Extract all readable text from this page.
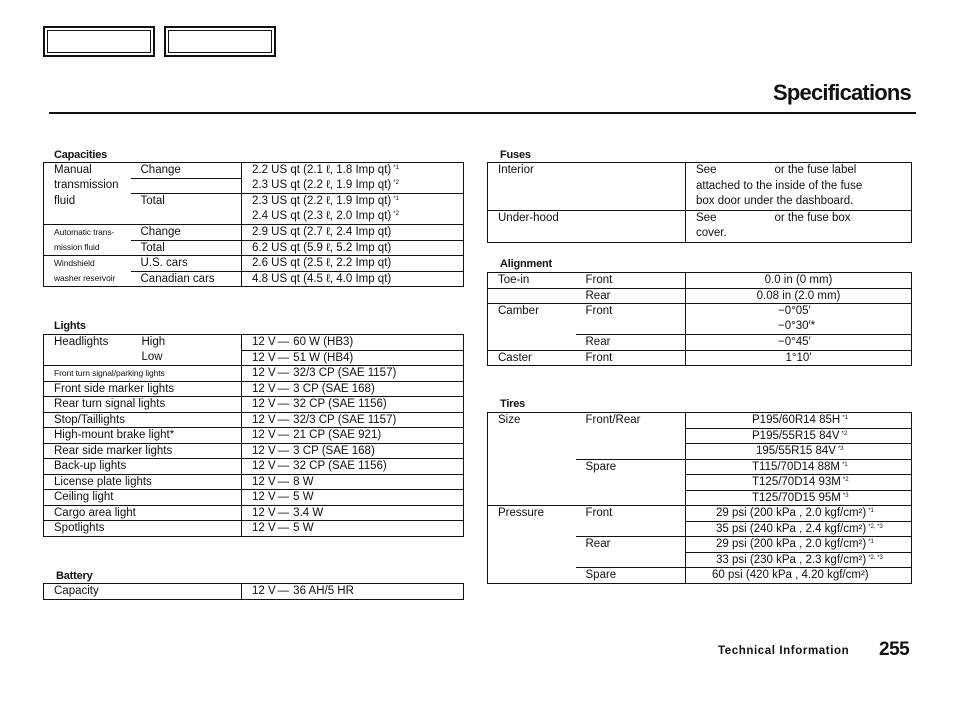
Specifications
Capacities
Manual	Change	2.2 US qt (2.1 ℓ, 1.8 Imp qt) $^{*1}$
transmission		2.3 US qt (2.2 ℓ, 1.9 Imp qt) $^{*2}$
fluid	Total	2.3 US qt (2.2 ℓ, 1.9 Imp qt) $^{*1}$
		2.4 US qt (2.3 ℓ, 2.0 Imp qt) $^{*2}$
Automatic trans-	Change	2.9 US qt (2.7 ℓ, 2.4 Imp qt)
mission fluid	Total	6.2 US qt (5.9 ℓ, 5.2 Imp qt)
Windshield	U.S. cars	2.6 US qt (2.5 ℓ, 2.2 Imp qt)
washer reservoir	Canadian cars	4.8 US qt (4.5 ℓ, 4.0 Imp qt)
Lights
Headlights	High	12 V — 60 W (HB3)
	Low	12 V — 51 W (HB4)
Front turn signal/parking lights		12 V — 32/3 CP (SAE 1157)
Front side marker lights		12 V — 3 CP (SAE 168)
Rear turn signal lights		12 V — 32 CP (SAE 1156)
Stop/Taillights		12 V — 32/3 CP (SAE 1157)
High-mount brake light*		12 V — 21 CP (SAE 921)
Rear side marker lights		12 V — 3 CP (SAE 168)
Back-up lights		12 V — 32 CP (SAE 1156)
License plate lights		12 V — 8 W
Ceiling light		12 V — 5 W
Cargo area light		12 V — 3.4 W
Spotlights		12 V — 5 W
Battery
Capacity	12 V — 36 AH/5 HR
Fuses
Interior	See or the fuse label
attached to the inside of the fuse
box door under the dashboard.
Under-hood	See or the fuse box
cover.
Alignment
Toe-in	Front	0.0 in (0 mm)
	Rear	0.08 in (2.0 mm)
Camber	Front	−0°05′
		−0°30′*
	Rear	−0°45′
Caster	Front	1°10′
Tires
Size	Front/Rear	P195/60R14 85H $^{*1}$
		P195/55R15 84V $^{*2}$
		195/55R15 84V $^{*3}$
	Spare	T115/70D14 88M $^{*1}$
		T125/70D14 93M $^{*2}$
		T125/70D15 95M $^{*3}$
Pressure	Front	29 psi (200 kPa , 2.0 kgf/cm²) $^{*1}$
		35 psi (240 kPa , 2.4 kgf/cm²) $^{*2, *3}$
	Rear	29 psi (200 kPa , 2.0 kgf/cm²) $^{*1}$
		33 psi (230 kPa , 2.3 kgf/cm²) $^{*2, *3}$
	Spare	60 psi (420 kPa , 4.20 kgf/cm²)
Technical Information 255
